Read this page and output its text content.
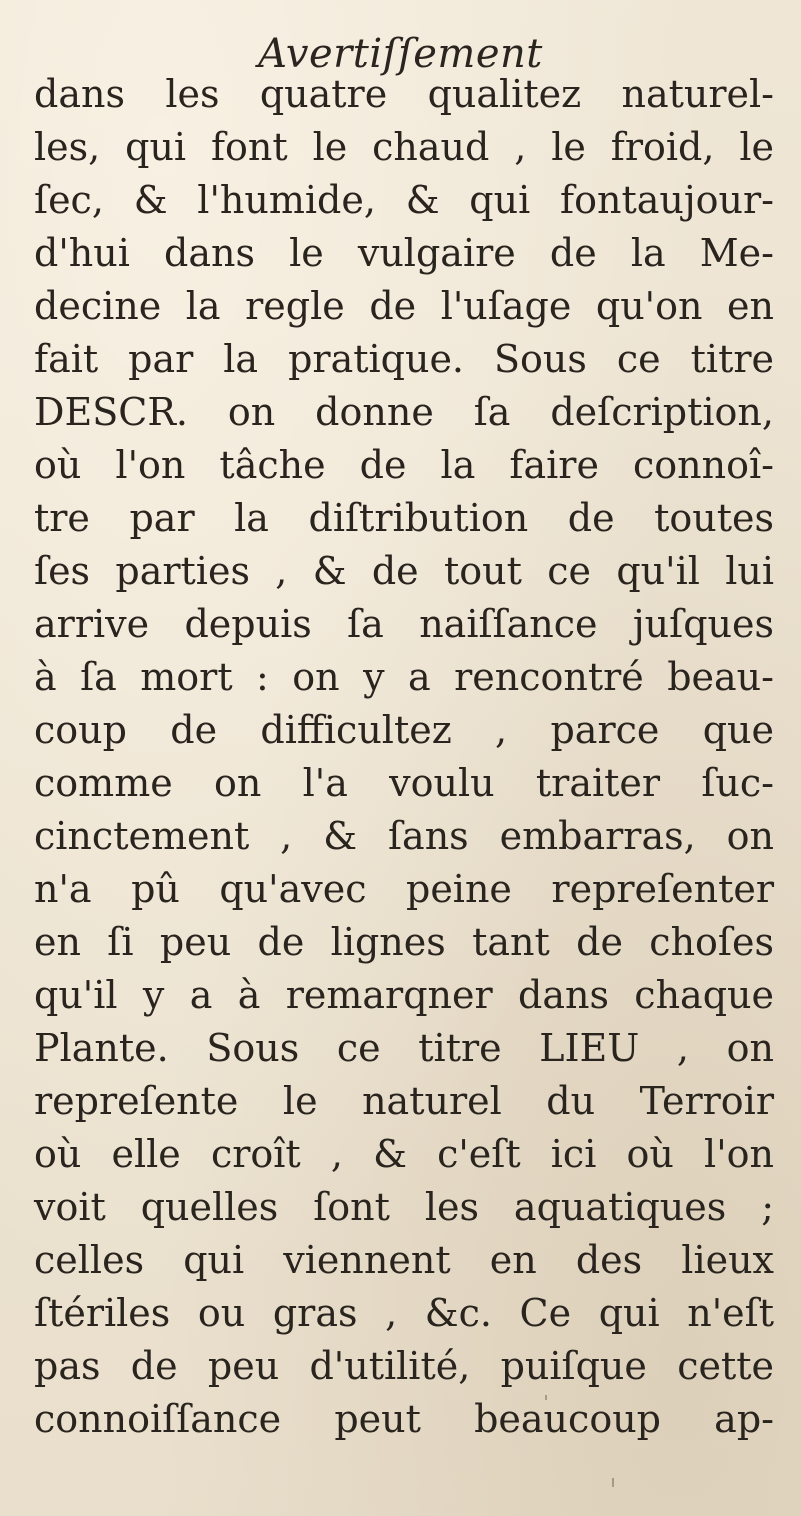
Avertiſſement
dans les quatre qualitez naturel-
les, qui font le chaud , le froid, le
ſec, & l'humide, & qui fontaujour-
d'hui dans le vulgaire de la Me-
decine la regle de l'uſage qu'on en
fait par la pratique. Sous ce titre
DESCR. on donne ſa deſcription,
où l'on tâche de la faire connoî-
tre par la diſtribution de toutes
ſes parties , & de tout ce qu'il lui
arrive depuis ſa naiſſance juſques
à ſa mort : on y a rencontré beau-
coup de difficultez , parce que
comme on l'a voulu traiter ſuc-
cinctement , & ſans embarras, on
n'a pû qu'avec peine repreſenter
en ſi peu de lignes tant de choſes
qu'il y a à remarqner dans chaque
Plante. Sous ce titre LIEU , on
repreſente le naturel du Terroir
où elle croît , & c'eſt ici où l'on
voit quelles ſont les aquatiques ;
celles qui viennent en des lieux
ſtériles ou gras , &c. Ce qui n'eſt
pas de peu d'utilité, puiſque cette
connoiſſance peut beaucoup ap-
